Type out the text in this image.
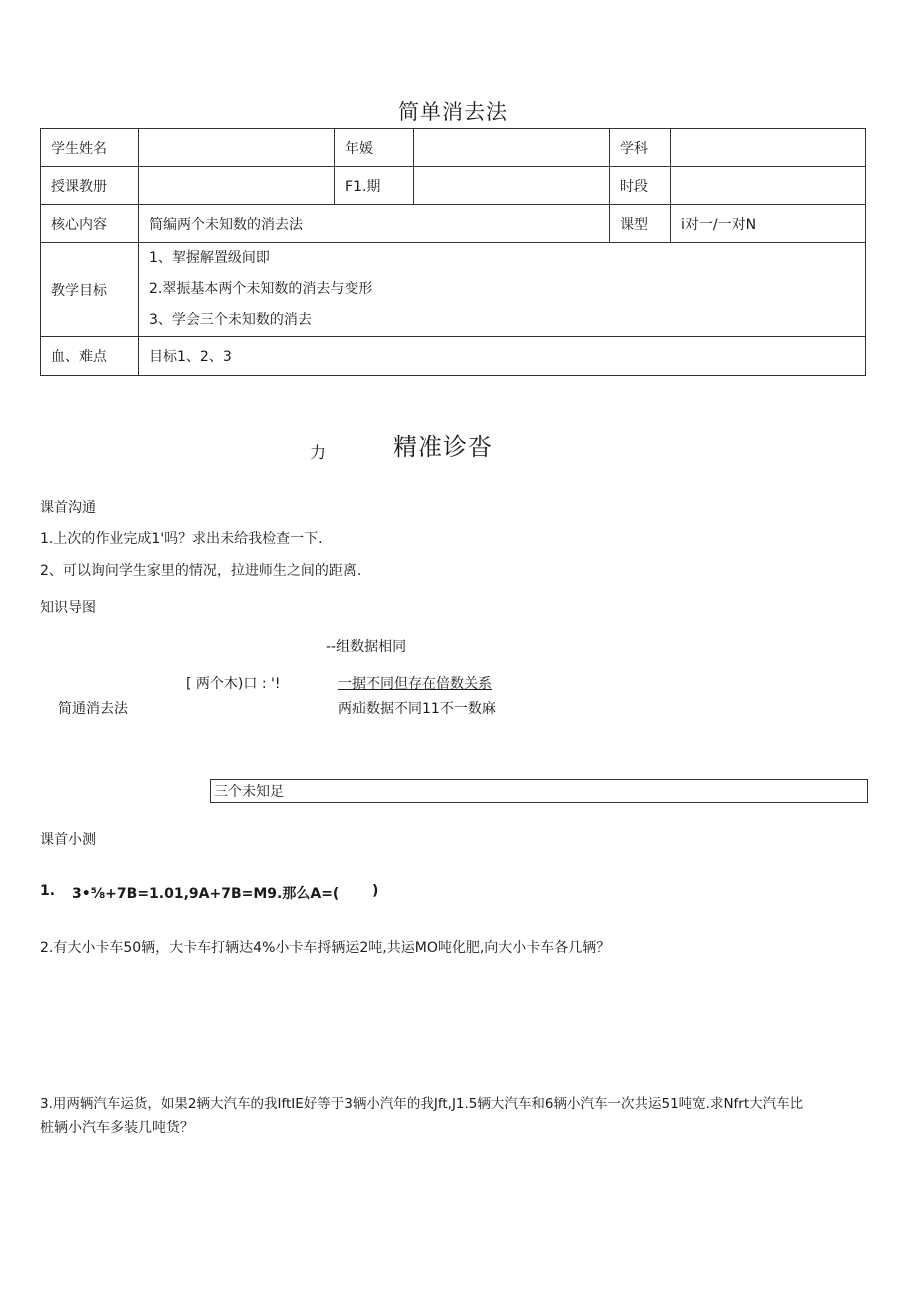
简单消去法
学生姓名		年媛		学科	
授课教册		F1.期		时段	
核心内容	简编两个未知数的消去法			课型	i对一/一对N
教学目标	1、挈握解置级间即
2.翠振基本两个未知数的消去与变形
3、学会三个未知数的消去				

血、难点	目标1、2、3				
力	精准诊沓
课首沟通
1.上次的作业完成1'吗？求出未给我检查一下.
2、可以询问学生家里的情况，拉进师生之间的距离.
知识导图
--组数据相同
[ 两个木)口 : '!	一据不同但存在倍数关系
简通消去法	两疝数据不同11不一数麻
三个未知足
课首小测
1. 3•⅝+7B=1.01,9A+7B=M9.那么A=( )
2.有大小卡车50辆，大卡车打辆达4%小卡车捋辆运2吨,共运MO吨化肥,向大小卡车各几辆？
3.用两辆汽车运货，如果2辆大汽车的我IftIE好等于3辆小汽年的我Jft,J1.5辆大汽车和6辆小汽车一次共运51吨宽.求Nfrt大汽车比
桩辆小汽车多装几吨货？
